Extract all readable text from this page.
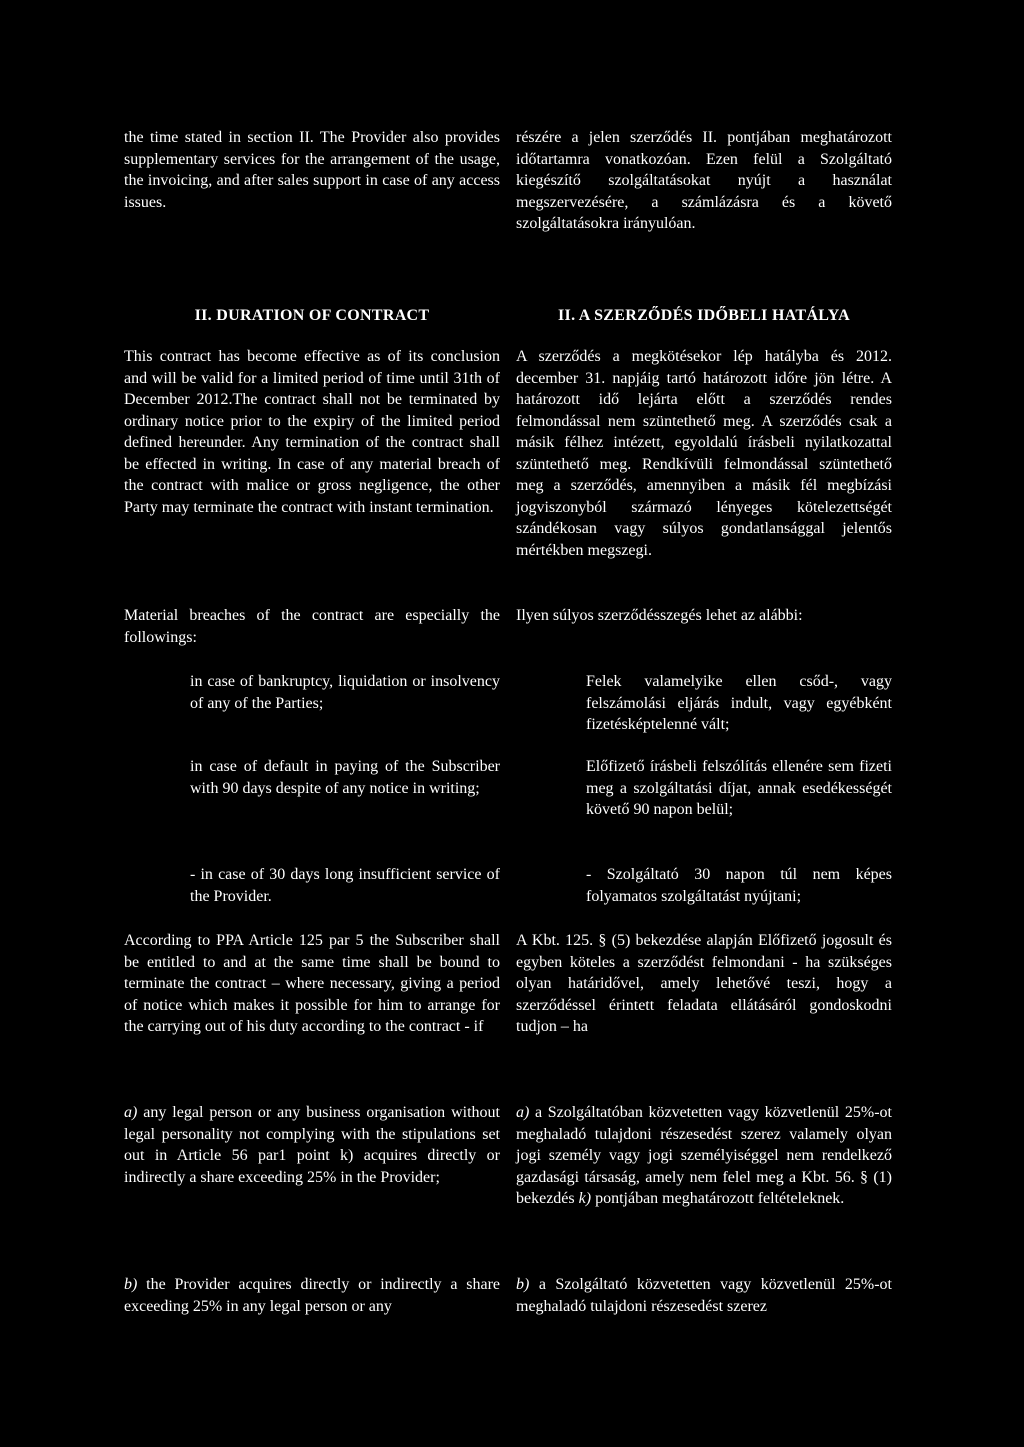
the time stated in section II. The Provider also provides supplementary services for the arrangement of the usage, the invoicing, and after sales support in case of any access issues.

részére a jelen szerződés II. pontjában meghatározott időtartamra vonatkozóan. Ezen felül a Szolgáltató kiegészítő szolgáltatásokat nyújt a használat megszervezésére, a számlázásra és a követő szolgáltatásokra irányulóan.

II. DURATION OF CONTRACT	II. A SZERZŐDÉS IDŐBELI HATÁLYA

This contract has become effective as of its conclusion and will be valid for a limited period of time until 31th of December 2012.The contract shall not be terminated by ordinary notice prior to the expiry of the limited period defined hereunder. Any termination of the contract shall be effected in writing. In case of any material breach of the contract with malice or gross negligence, the other Party may terminate the contract with instant termination.

A szerződés a megkötésekor lép hatályba és 2012. december 31. napjáig tartó határozott időre jön létre. A határozott idő lejárta előtt a szerződés rendes felmondással nem szüntethető meg. A szerződés csak a másik félhez intézett, egyoldalú írásbeli nyilatkozattal szüntethető meg. Rendkívüli felmondással szüntethető meg a szerződés, amennyiben a másik fél megbízási jogviszonyból származó lényeges kötelezettségét szándékosan vagy súlyos gondatlansággal jelentős mértékben megszegi.

Material breaches of the contract are especially the followings:

Ilyen súlyos szerződésszegés lehet az alábbi:

in case of bankruptcy, liquidation or insolvency of any of the Parties;

Felek valamelyike ellen csőd-, vagy felszámolási eljárás indult, vagy egyébként fizetésképtelenné vált;

in case of default in paying of the Subscriber with 90 days despite of any notice in writing;

Előfizető írásbeli felszólítás ellenére sem fizeti meg a szolgáltatási díjat, annak esedékességét követő 90 napon belül;

- in case of 30 days long insufficient service of the Provider.

- Szolgáltató 30 napon túl nem képes folyamatos szolgáltatást nyújtani;

According to PPA Article 125 par 5 the Subscriber shall be entitled to and at the same time shall be bound to terminate the contract – where necessary, giving a period of notice which makes it possible for him to arrange for the carrying out of his duty according to the contract - if

A Kbt. 125. § (5) bekezdése alapján Előfizető jogosult és egyben köteles a szerződést felmondani - ha szükséges olyan határidővel, amely lehetővé teszi, hogy a szerződéssel érintett feladata ellátásáról gondoskodni tudjon – ha

a) any legal person or any business organisation without legal personality not complying with the stipulations set out in Article 56 par1 point k) acquires directly or indirectly a share exceeding 25% in the Provider;

a) a Szolgáltatóban közvetetten vagy közvetlenül 25%-ot meghaladó tulajdoni részesedést szerez valamely olyan jogi személy vagy jogi személyiséggel nem rendelkező gazdasági társaság, amely nem felel meg a Kbt. 56. § (1) bekezdés k) pontjában meghatározott feltételeknek.

b) the Provider acquires directly or indirectly a share exceeding 25% in any legal person or any

b) a Szolgáltató közvetetten vagy közvetlenül 25%-ot meghaladó tulajdoni részesedést szerez
